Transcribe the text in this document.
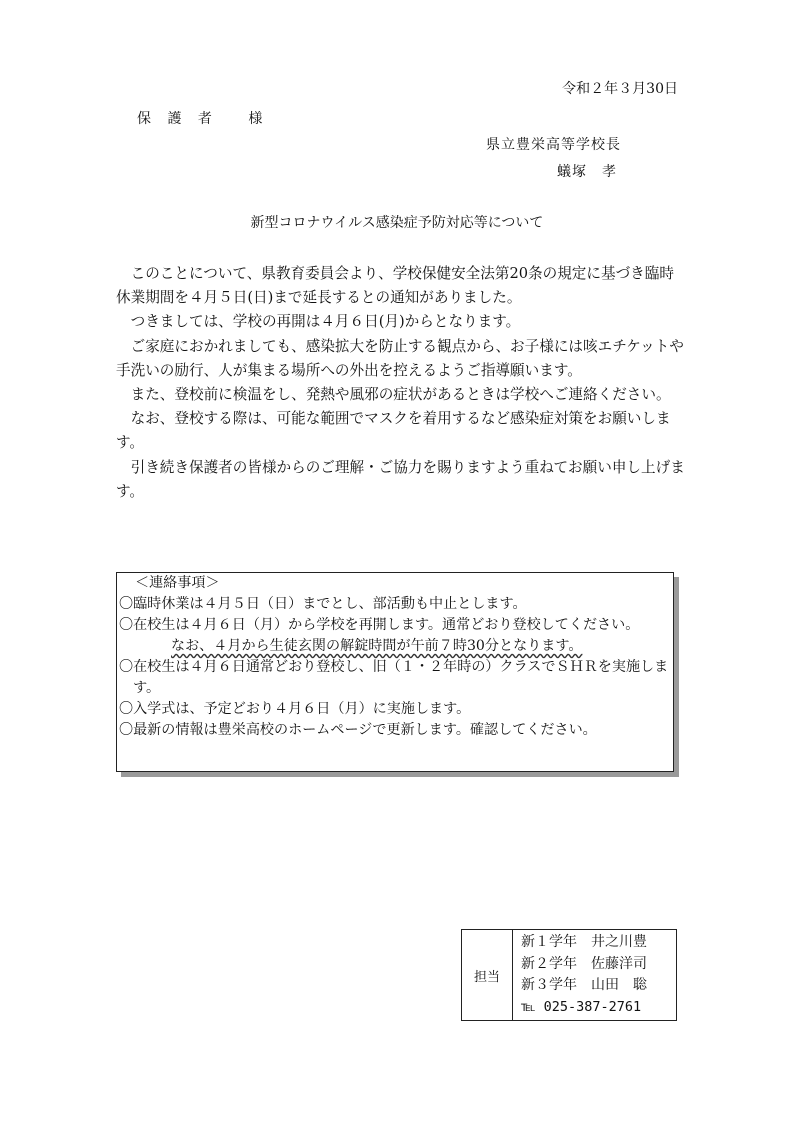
令和２年３月30日
保 護 者　 様
県立豊栄高等学校長
蟻塚　孝
新型コロナウイルス感染症予防対応等について

このことについて、県教育委員会より、学校保健安全法第20条の規定に基づき臨時休業期間を４月５日(日)まで延長するとの通知がありました。

つきましては、学校の再開は４月６日(月)からとなります。

ご家庭におかれましても、感染拡大を防止する観点から、お子様には咳エチケットや手洗いの励行、人が集まる場所への外出を控えるようご指導願います。

また、登校前に検温をし、発熱や風邪の症状があるときは学校へご連絡ください。

なお、登校する際は、可能な範囲でマスクを着用するなど感染症対策をお願いします。

引き続き保護者の皆様からのご理解・ご協力を賜りますよう重ねてお願い申し上げます。

＜連絡事項＞
〇臨時休業は４月５日（日）までとし、部活動も中止とします。
〇在校生は４月６日（月）から学校を再開します。通常どおり登校してください。
なお、４月から生徒玄関の解錠時間が午前７時30分となります。
〇在校生は４月６日通常どおり登校し、旧（１・２年時の）クラスでＳＨＲを実施します。
〇入学式は、予定どおり４月６日（月）に実施します。
〇最新の情報は豊栄高校のホームページで更新します。確認してください。
担当
新１学年 井之川豊
新２学年 佐藤洋司
新３学年 山田　聡
℡ 025-387-2761
